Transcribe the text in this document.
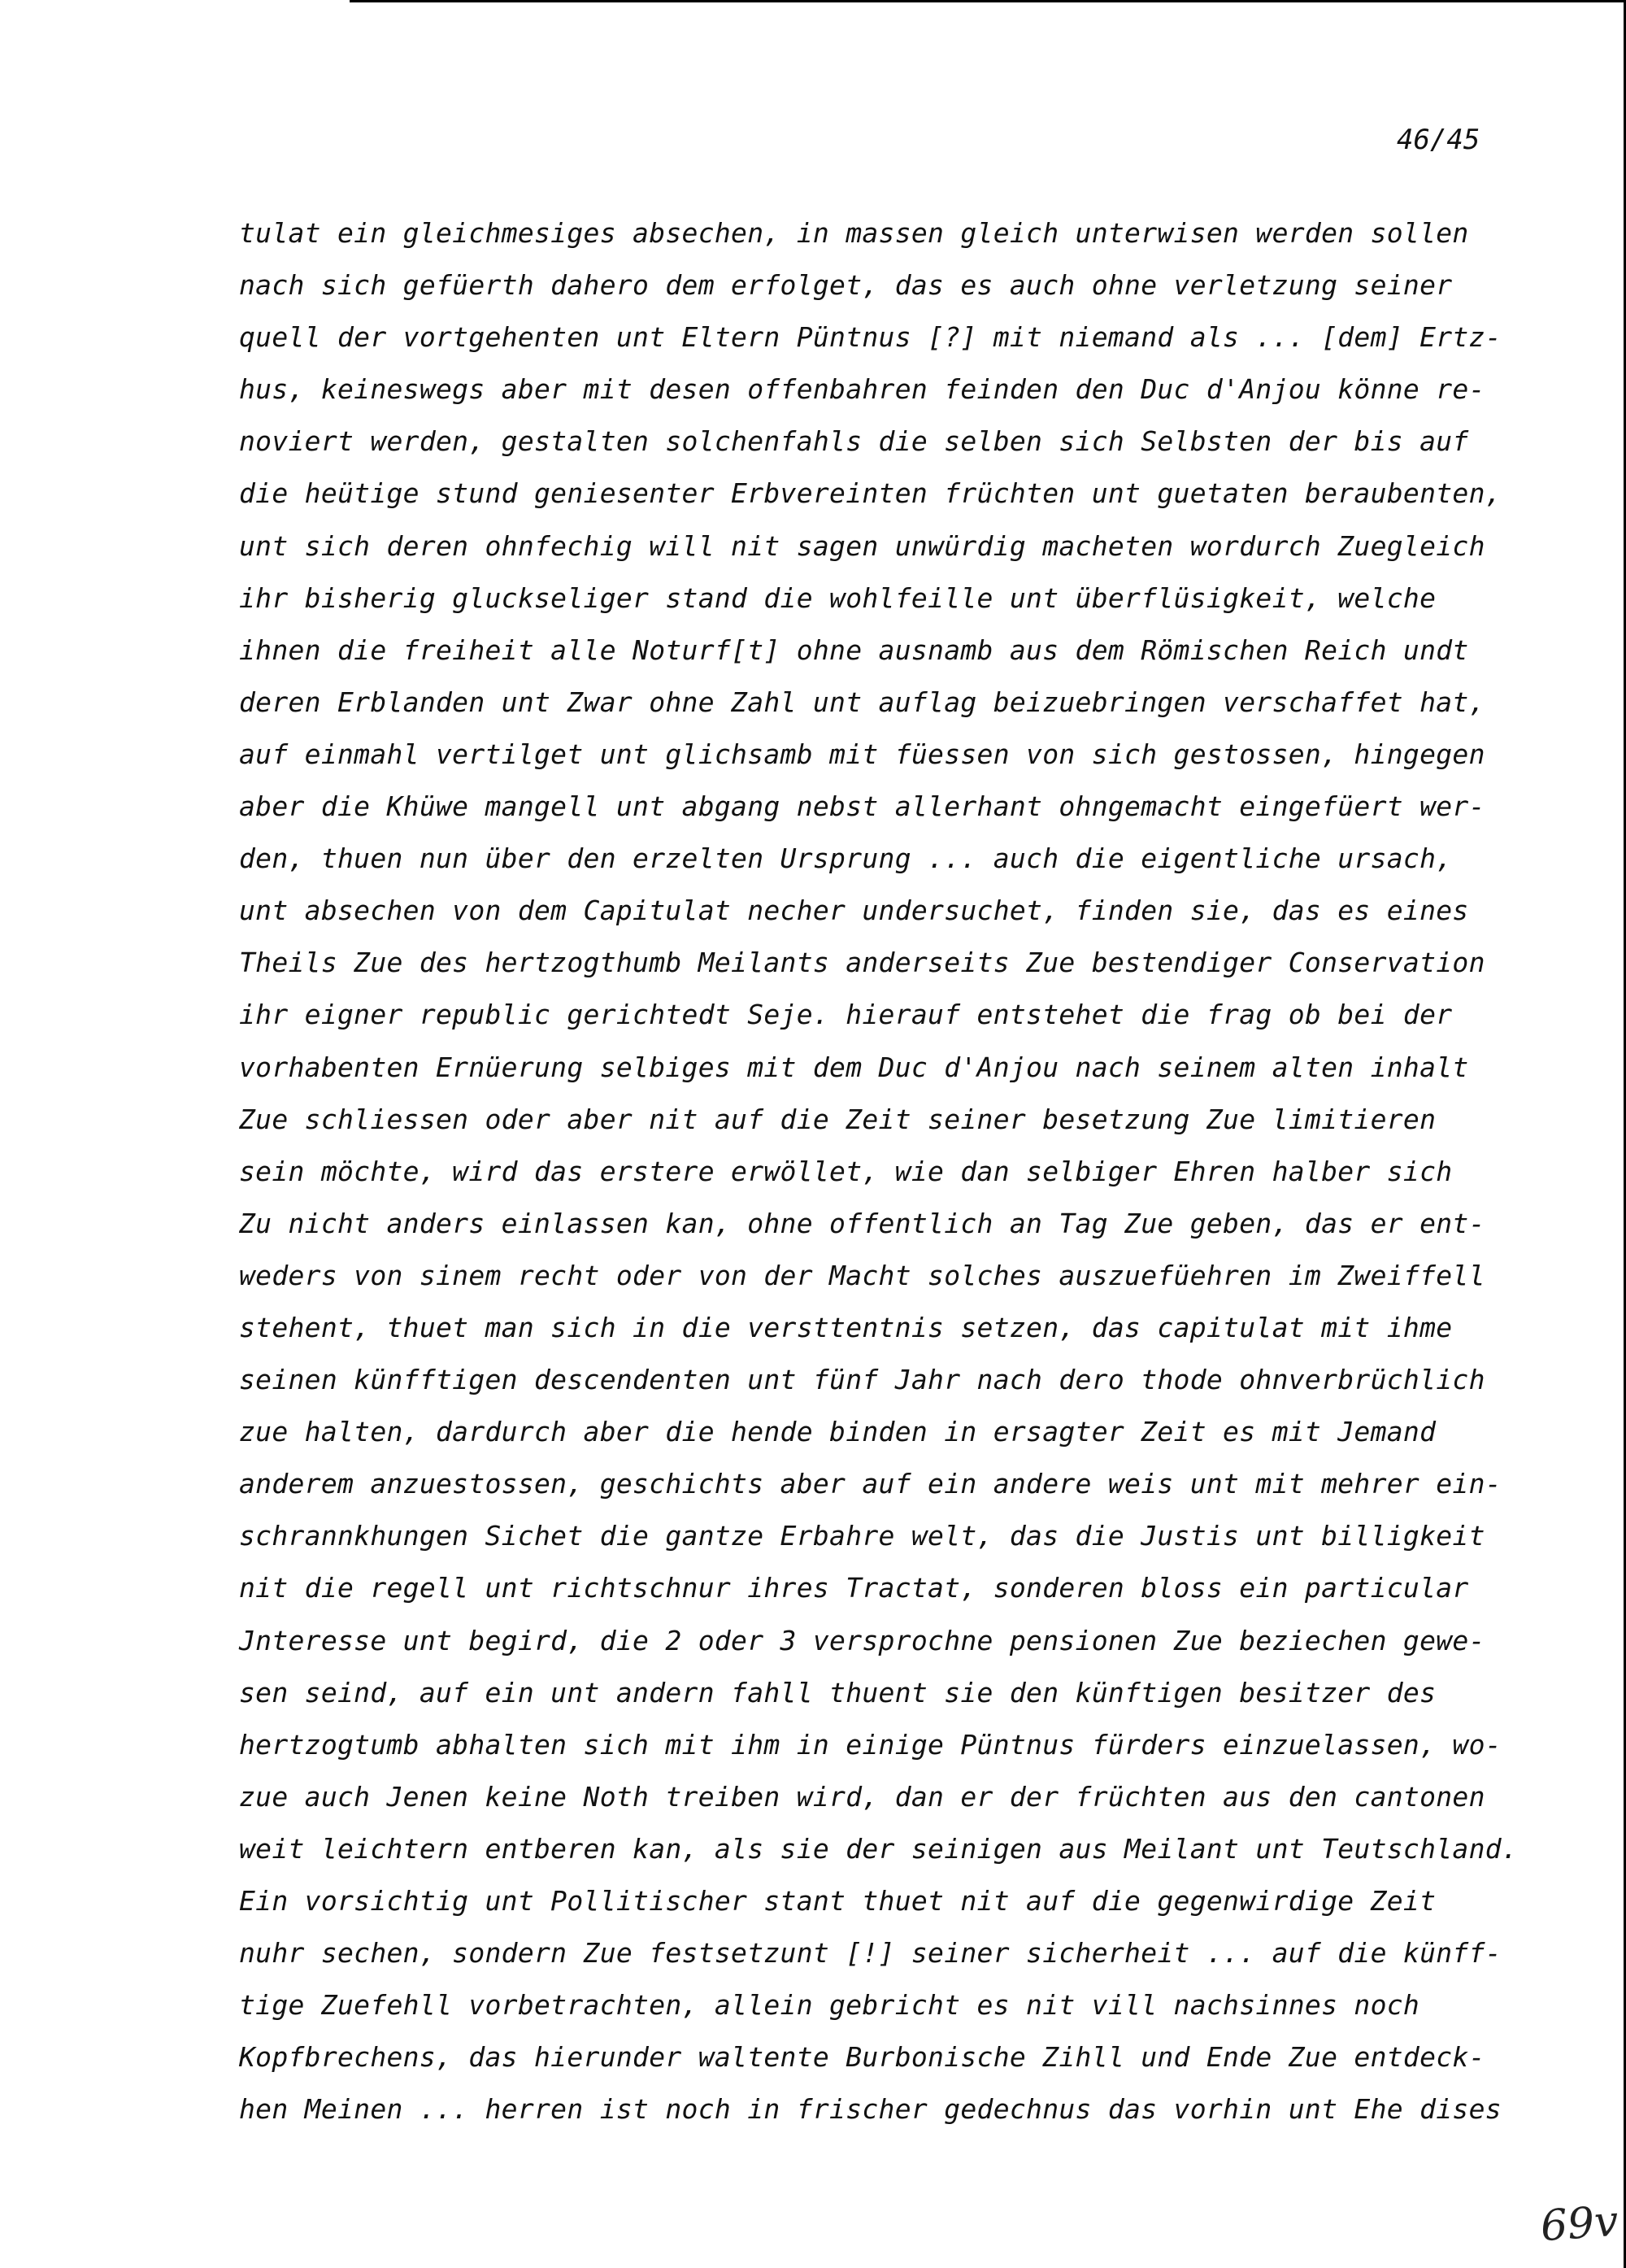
46/45
tulat ein gleichmesiges absechen, in massen gleich unterwisen werden sollen
nach sich gefüerth dahero dem erfolget, das es auch ohne verletzung seiner
quell der vortgehenten unt Eltern Püntnus [?] mit niemand als ... [dem] Ertz-
hus, keineswegs aber mit desen offenbahren feinden den Duc d'Anjou könne re-
noviert werden, gestalten solchenfahls die selben sich Selbsten der bis auf
die heütige stund geniesenter Erbvereinten früchten unt guetaten beraubenten,
unt sich deren ohnfechig will nit sagen unwürdig macheten wordurch Zuegleich
ihr bisherig gluckseliger stand die wohlfeille unt überflüsigkeit, welche
ihnen die freiheit alle Noturf[t] ohne ausnamb aus dem Römischen Reich undt
deren Erblanden unt Zwar ohne Zahl unt auflag beizuebringen verschaffet hat,
auf einmahl vertilget unt glichsamb mit füessen von sich gestossen, hingegen
aber die Khüwe mangell unt abgang nebst allerhant ohngemacht eingefüert wer-
den, thuen nun über den erzelten Ursprung ... auch die eigentliche ursach,
unt absechen von dem Capitulat necher undersuchet, finden sie, das es eines
Theils Zue des hertzogthumb Meilants anderseits Zue bestendiger Conservation
ihr eigner republic gerichtedt Seje. hierauf entstehet die frag ob bei der
vorhabenten Ernüerung selbiges mit dem Duc d'Anjou nach seinem alten inhalt
Zue schliessen oder aber nit auf die Zeit seiner besetzung Zue limitieren
sein möchte, wird das erstere erwöllet, wie dan selbiger Ehren halber sich
Zu nicht anders einlassen kan, ohne offentlich an Tag Zue geben, das er ent-
weders von sinem recht oder von der Macht solches auszuefüehren im Zweiffell
stehent, thuet man sich in die versttentnis setzen, das capitulat mit ihme
seinen künfftigen descendenten unt fünf Jahr nach dero thode ohnverbrüchlich
zue halten, dardurch aber die hende binden in ersagter Zeit es mit Jemand
anderem anzuestossen, geschichts aber auf ein andere weis unt mit mehrer ein-
schrannkhungen Sichet die gantze Erbahre welt, das die Justis unt billigkeit
nit die regell unt richtschnur ihres Tractat, sonderen bloss ein particular
Jnteresse unt begird, die 2 oder 3 versprochne pensionen Zue beziechen gewe-
sen seind, auf ein unt andern fahll thuent sie den künftigen besitzer des
hertzogtumb abhalten sich mit ihm in einige Püntnus fürders einzuelassen, wo-
zue auch Jenen keine Noth treiben wird, dan er der früchten aus den cantonen
weit leichtern entberen kan, als sie der seinigen aus Meilant unt Teutschland.
Ein vorsichtig unt Pollitischer stant thuet nit auf die gegenwirdige Zeit
nuhr sechen, sondern Zue festsetzunt [!] seiner sicherheit ... auf die künff-
tige Zuefehll vorbetrachten, allein gebricht es nit vill nachsinnes noch
Kopfbrechens, das hierunder waltente Burbonische Zihll und Ende Zue entdeck-
hen Meinen ... herren ist noch in frischer gedechnus das vorhin unt Ehe dises
69v
